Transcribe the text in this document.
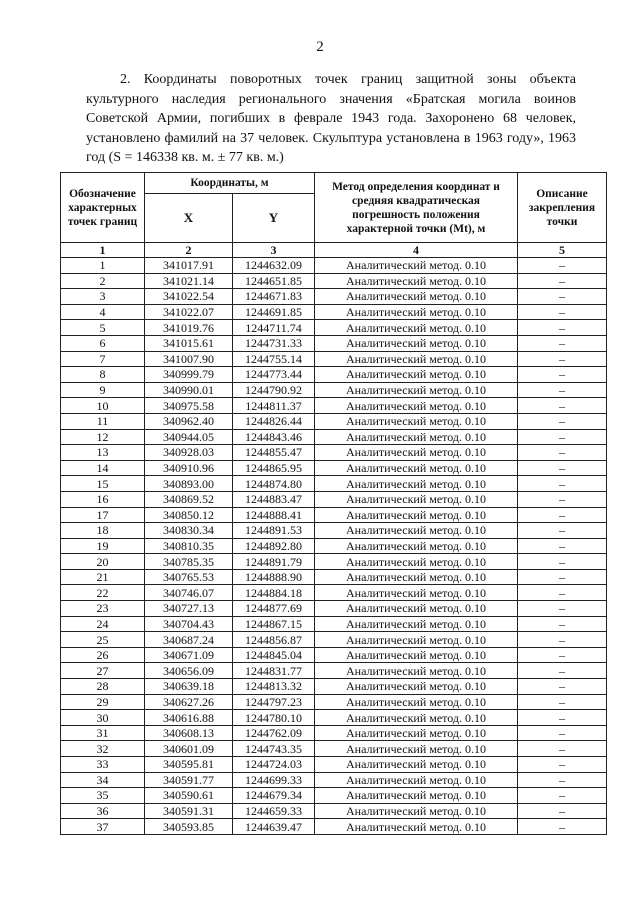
2

2. Координаты поворотных точек границ защитной зоны объекта культурного наследия регионального значения «Братская могила воинов Советской Армии, погибших в феврале 1943 года. Захоронено 68 человек, установлено фамилий на 37 человек. Скульптура установлена в 1963 году», 1963 год (S = 146338 кв. м. ± 77 кв. м.)

Обозначение характерных точек границ	Координаты, м		Метод определения координат и средняя квадратическая погрешность положения характерной точки (Mt), м	Описание закрепления точки
	X	Y		
1	2	3	4	5
1	341017.91	1244632.09	Аналитический метод. 0.10	–
2	341021.14	1244651.85	Аналитический метод. 0.10	–
3	341022.54	1244671.83	Аналитический метод. 0.10	–
4	341022.07	1244691.85	Аналитический метод. 0.10	–
5	341019.76	1244711.74	Аналитический метод. 0.10	–
6	341015.61	1244731.33	Аналитический метод. 0.10	–
7	341007.90	1244755.14	Аналитический метод. 0.10	–
8	340999.79	1244773.44	Аналитический метод. 0.10	–
9	340990.01	1244790.92	Аналитический метод. 0.10	–
10	340975.58	1244811.37	Аналитический метод. 0.10	–
11	340962.40	1244826.44	Аналитический метод. 0.10	–
12	340944.05	1244843.46	Аналитический метод. 0.10	–
13	340928.03	1244855.47	Аналитический метод. 0.10	–
14	340910.96	1244865.95	Аналитический метод. 0.10	–
15	340893.00	1244874.80	Аналитический метод. 0.10	–
16	340869.52	1244883.47	Аналитический метод. 0.10	–
17	340850.12	1244888.41	Аналитический метод. 0.10	–
18	340830.34	1244891.53	Аналитический метод. 0.10	–
19	340810.35	1244892.80	Аналитический метод. 0.10	–
20	340785.35	1244891.79	Аналитический метод. 0.10	–
21	340765.53	1244888.90	Аналитический метод. 0.10	–
22	340746.07	1244884.18	Аналитический метод. 0.10	–
23	340727.13	1244877.69	Аналитический метод. 0.10	–
24	340704.43	1244867.15	Аналитический метод. 0.10	–
25	340687.24	1244856.87	Аналитический метод. 0.10	–
26	340671.09	1244845.04	Аналитический метод. 0.10	–
27	340656.09	1244831.77	Аналитический метод. 0.10	–
28	340639.18	1244813.32	Аналитический метод. 0.10	–
29	340627.26	1244797.23	Аналитический метод. 0.10	–
30	340616.88	1244780.10	Аналитический метод. 0.10	–
31	340608.13	1244762.09	Аналитический метод. 0.10	–
32	340601.09	1244743.35	Аналитический метод. 0.10	–
33	340595.81	1244724.03	Аналитический метод. 0.10	–
34	340591.77	1244699.33	Аналитический метод. 0.10	–
35	340590.61	1244679.34	Аналитический метод. 0.10	–
36	340591.31	1244659.33	Аналитический метод. 0.10	–
37	340593.85	1244639.47	Аналитический метод. 0.10	–
